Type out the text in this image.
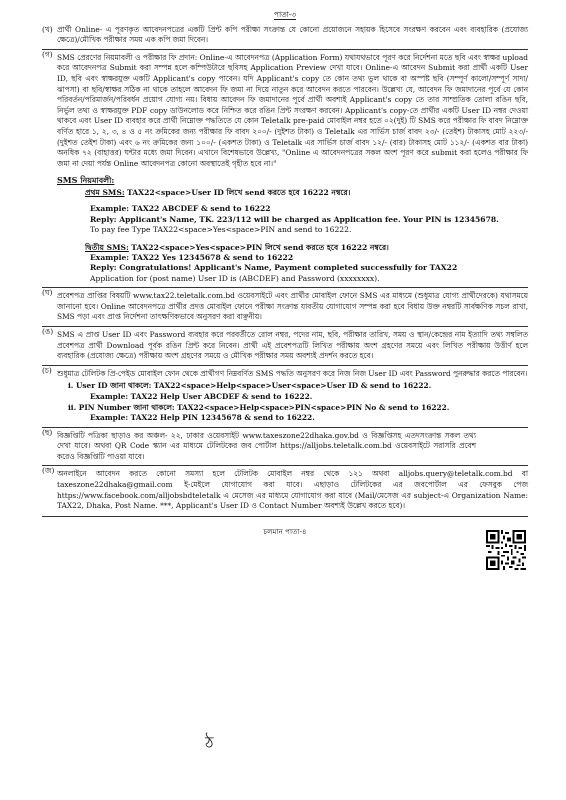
পাতা-৩
(খ) প্রার্থী Online- এ পূরণকৃত আবেদনপত্রের একটি প্রিন্ট কপি পরীক্ষা সংক্রান্ত যে কোনো প্রয়োজনে সহায়ক হিসেবে সংরক্ষণ করবেন এবং ব্যবহারিক (প্রযোজ্য ক্ষেত্রে)/মৌখিক পরীক্ষার সময় এক কপি জমা দিবেন।
(গ) SMS প্রেরণের নিয়মাবলী ও পরীক্ষার ফি প্রদান: Online-এ আবেদনপত্র (Application Form) যথাযথভাবে পূরণ করে নির্দেশনা মতে ছবি এবং স্বাক্ষর upload করে আবেদনপত্র Submit করা সম্পন্ন হলে কম্পিউটারে ছবিসহ Application Preview দেখা যাবে। Online-এ আবেদন Submit করা প্রার্থী একটি User ID, ছবি এবং স্বাক্ষরযুক্ত একটি Applicant's copy পাবেন। যদি Applicant's copy তে কোন তথ্য ভুল থাকে বা অস্পষ্ট ছবি (সম্পূর্ণ কালো/সম্পূর্ণ সাদা/ঝাপসা) বা ছবি/স্বাক্ষর সঠিক না থাকে তাহলে আবেদন ফি জমা না দিয়ে নাতুন করে আবেদন করতে পারবেন। উল্লেখ্য যে, আবেদন ফি জমাদানের পূর্বে যে কোন পরিবর্তন/পরিমার্জন/পরিবর্ধন প্রয়োগ যোগ্য নয়। বিধায় আবেদন ফি জমাদানের পূর্বে প্রার্থী অবশ্যই Applicant's copy তে তার সাম্প্রতিক তোলা রঙিন ছবি, নির্ভুল তথ্য ও স্বাক্ষরযুক্ত PDF copy ডাউনলোড করে নিশ্চিত করে রঙিন প্রিন্ট সংরক্ষণ করবেন। Applicant's copy-তে প্রার্থীর একটি User ID নম্বর দেওয়া থাকবে এবং User ID ব্যবহার করে প্রার্থী নিম্নোক্ত পদ্ধতিতে যে কোন Teletalk pre-paid মোবাইল নম্বর হতে ০২(দুই) টি SMS করে পরীক্ষার ফি বাবদ নিম্নোক্ত বর্ণিত হারে ১, ২, ৩, ৪ ও ৫ নং ক্রমিকের জন্য পরীক্ষার ফি বাবদ ২০০/- (দুইশত টাকা) ও Teletalk এর সার্ভিস চার্জ বাবদ ২৩/- (তেইশ) টাকাসহ মোট ২২৩/- (দুইশত তেইশ টাকা) এবং ৬ নং ক্রমিকের জন্য ১০০/- (একশত টাকা) ও Teletalk এর সার্ভিস চার্জ বাবদ ১২/- (বার) টাকাসহ মোট ১১২/- (একশত বার টাকা) অনধিক ৭২ (বাহাত্তর) ঘন্টার মধ্যে জমা দিবেন। এখানে বিশেষভাবে উল্লেখ্য, "Online এ আবেদনপত্রের সকল অংশ পূরণ করে submit করা হলেও পরীক্ষার ফি জমা না দেয়া পর্যন্ত Online আবেদনপত্র কোনো অবস্থাতেই গৃহীত হবে না।"
SMS নিয়মাবলী:
প্রথম SMS: TAX22<space>User ID লিখে send করতে হবে 16222 নম্বরে।
Example: TAX22 ABCDEF & send to 16222
Reply: Applicant's Name, TK. 223/112 will be charged as Application fee. Your PIN is 12345678.
To pay fee Type TAX22<space>Yes<space>PIN and send to 16222.
দ্বিতীয় SMS: TAX22<space>Yes<space>PIN লিখে send করতে হবে 16222 নম্বরে।
Example: TAX22 Yes 12345678 & send to 16222
Reply: Congratulations! Applicant's Name, Payment completed successfully for TAX22
Application for (post name) User ID is (ABCDEF) and Password (xxxxxxxx).
(ঘ) প্রবেশপত্র প্রাপ্তির বিষয়টি www.tax22.teletalk.com.bd ওয়েবসাইটে এবং প্রার্থীর মোবাইল ফোনে SMS এর মাধ্যমে (শুধুমাত্র যোগ্য প্রার্থীদেরকে) যথাসময়ে জানানো হবে। Online আবেদনপত্রে প্রার্থীর প্রদত্ত মোবাইল ফোনে পরীক্ষা সংক্রান্ত যাবতীয় যোগাযোগ সম্পন্ন করা হবে বিধায় উক্ত নম্বরটি সার্বক্ষণিক সচল রাখা, SMS পড়া এবং প্রাপ্ত নির্দেশনা তাৎক্ষণিকভাবে অনুসরণ করা বাঞ্ছনীয়।
(ঙ) SMS এ প্রাপ্ত User ID এবং Password ব্যবহার করে পরবর্তীতে রোল নম্বর, পদের নাম, ছবি, পরীক্ষার তারিখ, সময় ও স্থান/কেন্দ্রের নাম ইত্যাদি তথ্য সম্বলিত প্রবেশপত্র প্রার্থী Download পূর্বক রঙিন প্রিন্ট করে নিবেন। প্রার্থী এই প্রবেশপত্রটি লিখিত পরীক্ষায় অংশ গ্রহণের সময়ে এবং লিখিত পরীক্ষায় উত্তীর্ণ হলে ব্যবহারিক (প্রযোজ্য ক্ষেত্রে) পরীক্ষায় অংশ গ্রহণের সময়ে ও মৌখিক পরীক্ষার সময় অবশ্যই প্রদর্শন করতে হবে।
(চ) শুধুমাত্র টেলিটক প্রি-পেইড মোবাইল ফোন থেকে প্রার্থীগণ নিম্নবর্ণিত SMS পদ্ধতি অনুসরণ করে নিজ নিজ User ID এবং Password পুনরুদ্ধার করতে পারবেন।
i. User ID জানা থাকলে: TAX22<space>Help<space>User<space>User ID & send to 16222.
Example: TAX22 Help User ABCDEF & send to 16222.
ii. PIN Number জানা থাকলে: TAX22<space>Help<space>PIN<space>PIN No & send to 16222.
Example: TAX22 Help PIN 12345678 & send to 16222.
(ছ) বিজ্ঞপ্তিটি পত্রিকা ছাড়াও কর অঞ্চল- ২২, ঢাকার ওয়েবসাইট www.taxeszone22dhaka.gov.bd ও বিজ্ঞপ্তিসহ এতদসংক্রান্ত সকল তথ্য দেখা যাবে। অথবা QR Code স্ক্যান এর মাধ্যমে টেলিটকের জব পোর্টাল https://alljobs.teletalk.com.bd ওয়েবসাইটে সরাসরি প্রবেশ করেও বিজ্ঞপ্তিটি পাওয়া যাবে।
(জ) অনলাইনে আবেদন করতে কোনো সমস্যা হলে টেলিটক মোবাইল নম্বর থেকে ১২১ অথবা alljobs.query@teletalk.com.bd বা taxeszone22dhaka@gmail.com ই-মেইলে যোগাযোগ করা যাবে। এছাড়াও টেলিটকের এর জবপোর্টাল এর ফেসবুক পেজ https://www.facebook.com/alljobsbdteletalk এ মেসেজ এর মাধ্যমে যোগাযোগ করা যাবে (Mail/মেসেজ এর subject-এ Organization Name: TAX22, Dhaka, Post Name. ***, Applicant's User ID ও Contact Number অবশ্যই উল্লেখ করতে হবে)।
চলমান পাতা-৪
ঠ
